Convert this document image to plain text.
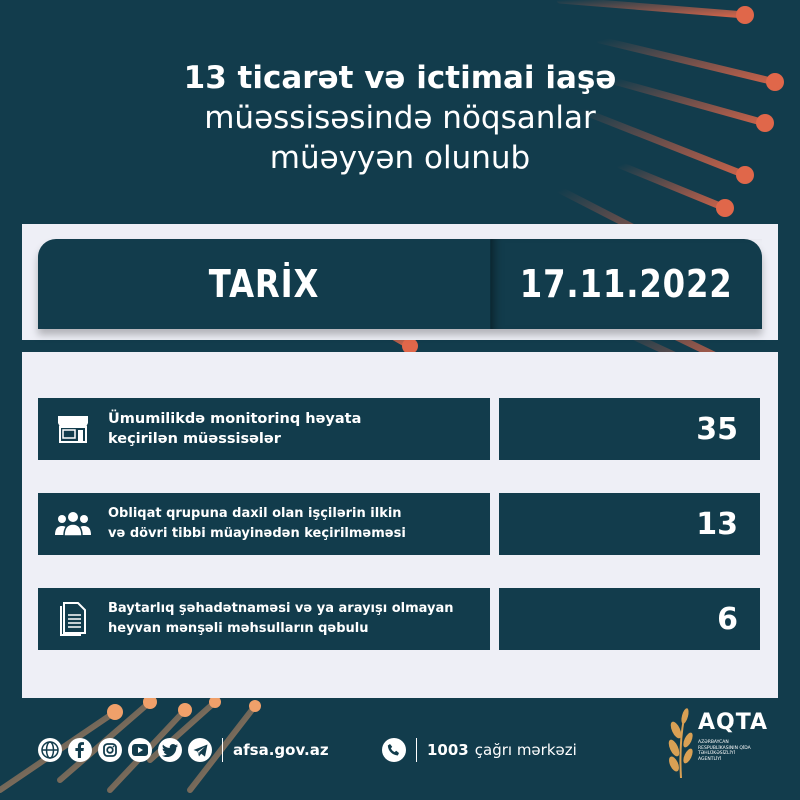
13 ticarət və ictimai iaşə
müəssisəsində nöqsanlar
müəyyən olunub
TARİX	17.11.2022
Ümumilikdə monitorinq həyata
keçirilən müəssisələr	35
Obliqat qrupuna daxil olan işçilərin ilkin
və dövri tibbi müayinədən keçirilməməsi	13
Baytarlıq şəhadətnaməsi və ya arayışı olmayan
heyvan mənşəli məhsulların qəbulu	6
afsa.gov.az	1003 çağrı mərkəzi
AQTA
AZƏRBAYCAN RESPUBLİKASININ QİDA TƏHLÜKƏSİZLİYİ AGENTLİYİ
